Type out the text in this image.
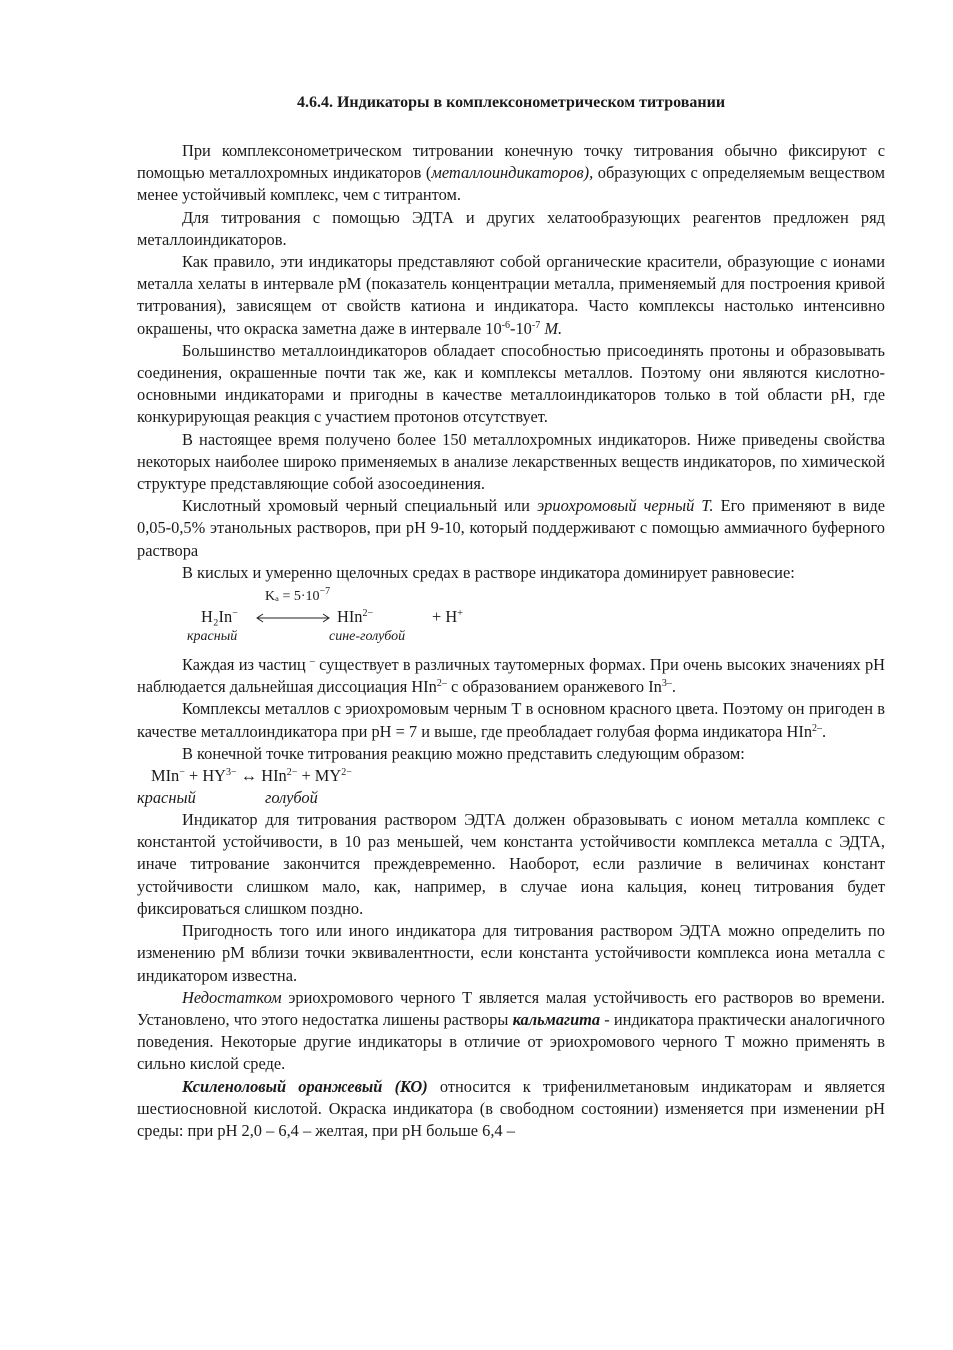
4.6.4. Индикаторы в комплексонометрическом титровании

При комплексонометрическом титровании конечную точку титрования обычно фиксируют с помощью металлохромных индикаторов (металлоиндикаторов), образующих с определяемым веществом менее устойчивый комплекс, чем с титрантом.

Для титрования с помощью ЭДТА и других хелатообразующих реагентов предложен ряд металлоиндикаторов.

Как правило, эти индикаторы представляют собой органические красители, образующие с ионами металла хелаты в интервале pM (показатель концентрации металла, применяемый для построения кривой титрования), зависящем от свойств катиона и индикатора. Часто комплексы настолько интенсивно окрашены, что окраска заметна даже в интервале $10^{-6}-10^{-7}$ M.

Большинство металлоиндикаторов обладает способностью присоединять протоны и образовывать соединения, окрашенные почти так же, как и комплексы металлов. Поэтому они являются кислотно-основными индикаторами и пригодны в качестве металлоиндикаторов только в той области pH, где конкурирующая реакция с участием протонов отсутствует.

В настоящее время получено более 150 металлохромных индикаторов. Ниже приведены свойства некоторых наиболее широко применяемых в анализе лекарственных веществ индикаторов, по химической структуре представляющие собой азосоединения.

Кислотный хромовый черный специальный или эриохромовый черный Т. Его применяют в виде 0,05-0,5% этанольных растворов, при pH 9-10, который поддерживают с помощью аммиачного буферного раствора

В кислых и умеренно щелочных средах в растворе индикатора доминирует равновесие:

$K_a = 5\cdot 10^{-7}$
H₂In−	HIn$^{2-}$	+ H+
красный	сине-голубой

Каждая из частиц – существует в различных таутомерных формах. При очень высоких значениях pH наблюдается дальнейшая диссоциация HIn$^{2-}$ с образованием оранжевого $In^{3-}$.

Комплексы металлов с эриохромовым черным Т в основном красного цвета. Поэтому он пригоден в качестве металлоиндикатора при pH = 7 и выше, где преобладает голубая форма индикатора HIn$^{2-}$.

В конечной точке титрования реакцию можно представить следующим образом:

$MIn^- + HY^{3-}$ ↔ $HIn^{2-} + MY^{2-}$
красный	голубой

Индикатор для титрования раствором ЭДТА должен образовывать с ионом металла комплекс с константой устойчивости, в 10 раз меньшей, чем константа устойчивости комплекса металла с ЭДТА, иначе титрование закончится преждевременно. Наоборот, если различие в величинах констант устойчивости слишком мало, как, например, в случае иона кальция, конец титрования будет фиксироваться слишком поздно.

Пригодность того или иного индикатора для титрования раствором ЭДТА можно определить по изменению pM вблизи точки эквивалентности, если константа устойчивости комплекса иона металла с индикатором известна.

Недостатком эриохромового черного Т является малая устойчивость его растворов во времени. Установлено, что этого недостатка лишены растворы кальмагита - индикатора практически аналогичного поведения. Некоторые другие индикаторы в отличие от эриохромового черного Т можно применять в сильно кислой среде.

Ксиленоловый оранжевый (КО) относится к трифенилметановым индикаторам и является шестиосновной кислотой. Окраска индикатора (в свободном состоянии) изменяется при изменении pH среды: при pH 2,0 – 6,4 – желтая, при pH больше 6,4 –
